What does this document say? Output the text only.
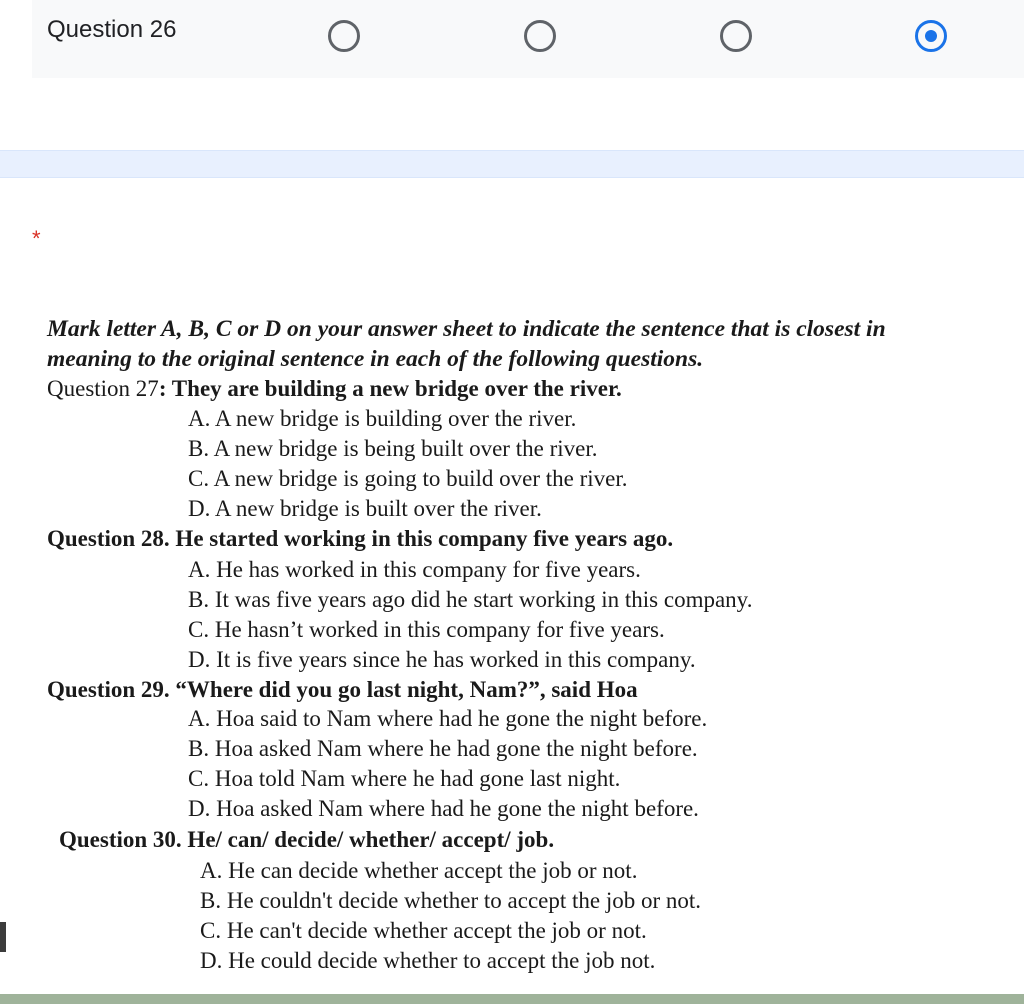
Question 26
*
Mark letter A, B, C or D on your answer sheet to indicate the sentence that is closest in
meaning to the original sentence in each of the following questions.
Question 27: They are building a new bridge over the river.
A. A new bridge is building over the river.
B. A new bridge is being built over the river.
C. A new bridge is going to build over the river.
D. A new bridge is built over the river.
Question 28. He started working in this company five years ago.
A. He has worked in this company for five years.
B. It was five years ago did he start working in this company.
C. He hasn’t worked in this company for five years.
D. It is five years since he has worked in this company.
Question 29. “Where did you go last night, Nam?”, said Hoa
A. Hoa said to Nam where had he gone the night before.
B. Hoa asked Nam where he had gone the night before.
C. Hoa told Nam where he had gone last night.
D. Hoa asked Nam where had he gone the night before.
Question 30. He/ can/ decide/ whether/ accept/ job.
A. He can decide whether accept the job or not.
B. He couldn't decide whether to accept the job or not.
C. He can't decide whether accept the job or not.
D. He could decide whether to accept the job not.
